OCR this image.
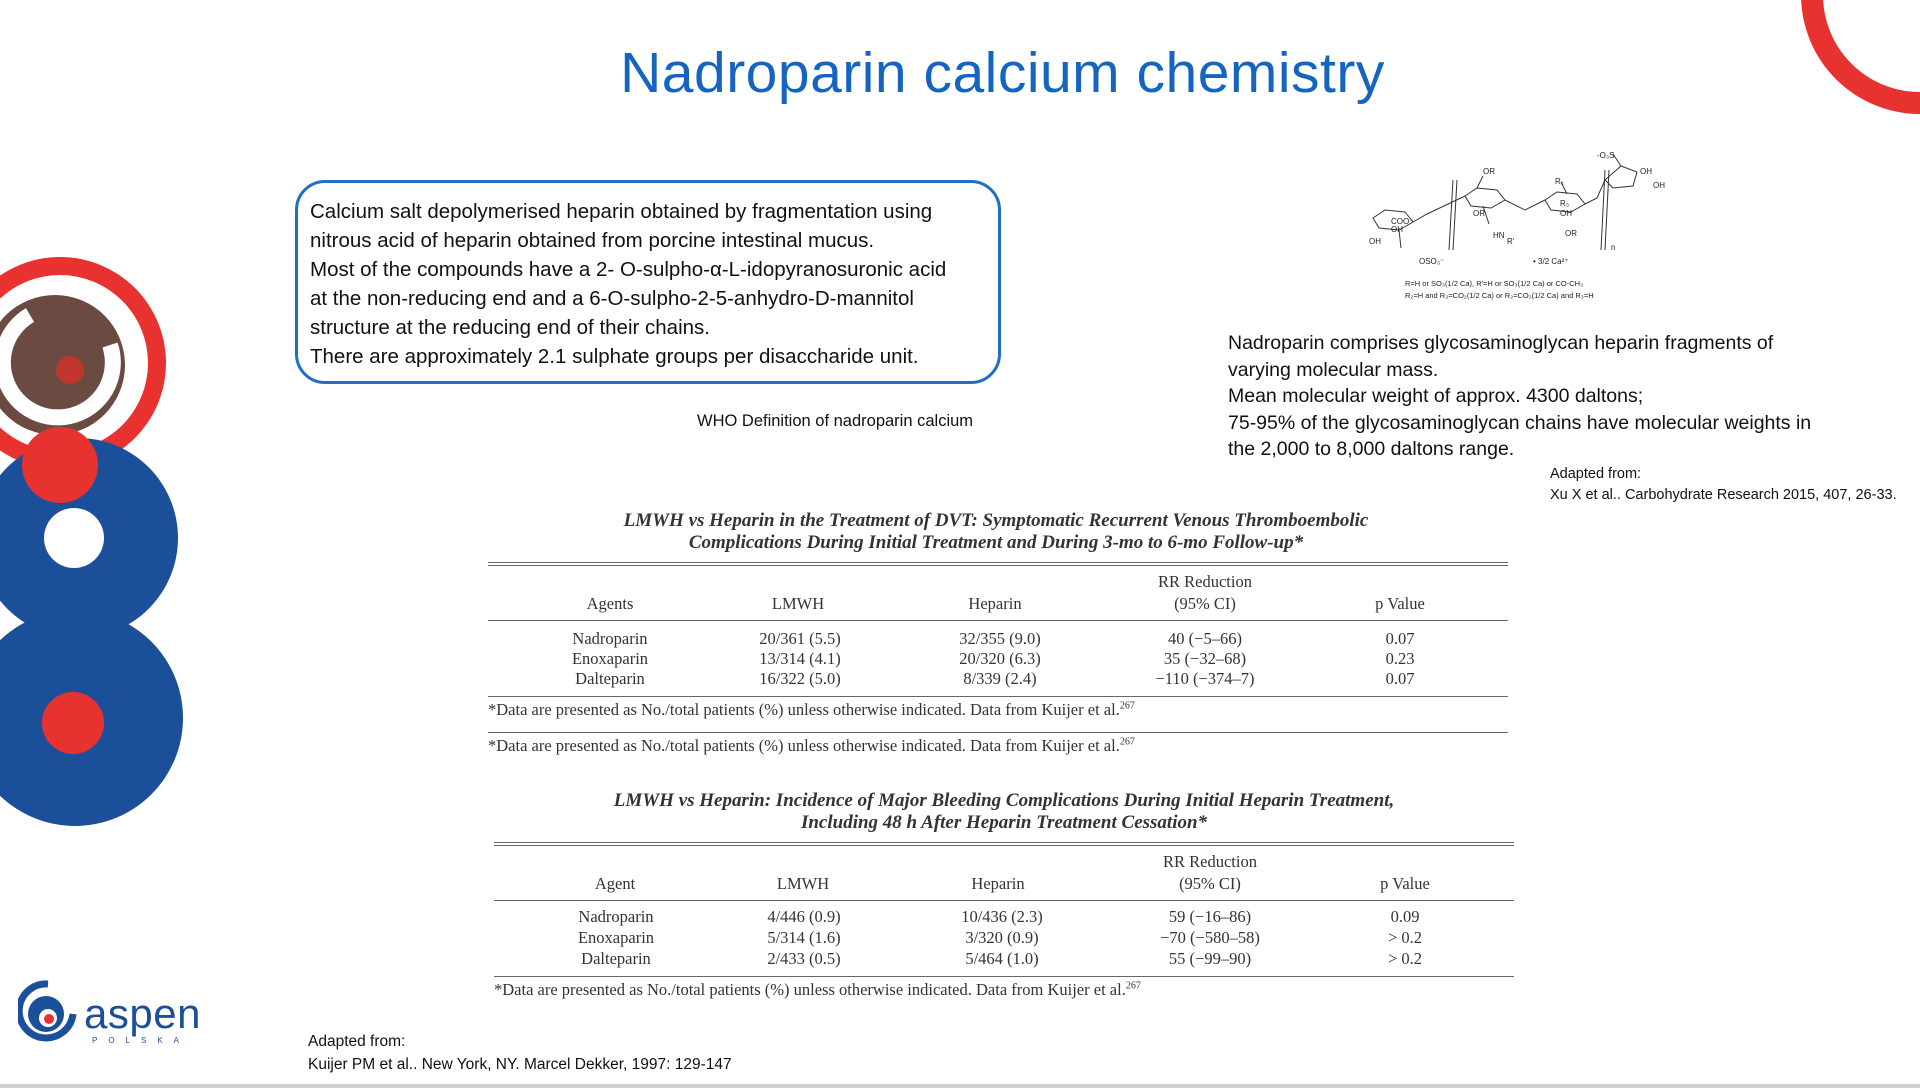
Nadroparin calcium chemistry
Calcium salt depolymerised heparin obtained by fragmentation using
nitrous acid of heparin obtained from porcine intestinal mucus.
Most of the compounds have a 2- O-sulpho-α-L-idopyranosuronic acid
at the non-reducing end and a 6-O-sulpho-2-5-anhydro-D-mannitol
structure at the reducing end of their chains.
There are approximately 2.1 sulphate groups per disaccharide unit.
WHO Definition of nadroparin calcium
-O₃S
OH
OH
OR
OR
OR
R₂
R₃
OH
COO⁻
OH
OH
HN
R'
OSO₃⁻	• 3/2 Ca²⁺
n
R=H or SO₃(1/2 Ca), R'=H or SO₃(1/2 Ca) or CO-CH₃
R₂=H and R₃=CO₂(1/2 Ca) or R₂=CO₂(1/2 Ca) and R₃=H
Nadroparin comprises glycosaminoglycan heparin fragments of
varying molecular mass.
Mean molecular weight of approx. 4300 daltons;
75-95% of the glycosaminoglycan chains have molecular weights in
the 2,000 to 8,000 daltons range.
Adapted from:
Xu X et al.. Carbohydrate Research 2015, 407, 26-33.
LMWH vs Heparin in the Treatment of DVT: Symptomatic Recurrent Venous Thromboembolic
Complications During Initial Treatment and During 3-mo to 6-mo Follow-up*
Agents	LMWH	Heparin
RR Reduction
(95% CI)	p Value
Nadroparin	20/361 (5.5)	32/355 (9.0)	40 (−5–66)	0.07
Enoxaparin	13/314 (4.1)	20/320 (6.3)	35 (−32–68)	0.23
Dalteparin	16/322 (5.0)	8/339 (2.4)	−110 (−374–7)	0.07
*Data are presented as No./total patients (%) unless otherwise indicated. Data from Kuijer et al.$^{267}$
*Data are presented as No./total patients (%) unless otherwise indicated. Data from Kuijer et al.$^{267}$
LMWH vs Heparin: Incidence of Major Bleeding Complications During Initial Heparin Treatment,
Including 48 h After Heparin Treatment Cessation*
Agent	LMWH	Heparin
RR Reduction
(95% CI)	p Value
Nadroparin	4/446 (0.9)	10/436 (2.3)	59 (−16–86)	0.09
Enoxaparin	5/314 (1.6)	3/320 (0.9)	−70 (−580–58)	> 0.2
Dalteparin	2/433 (0.5)	5/464 (1.0)	55 (−99–90)	> 0.2
*Data are presented as No./total patients (%) unless otherwise indicated. Data from Kuijer et al.$^{267}$
aspen
POLSKA	Adapted from:
Kuijer PM et al.. New York, NY. Marcel Dekker, 1997: 129-147
